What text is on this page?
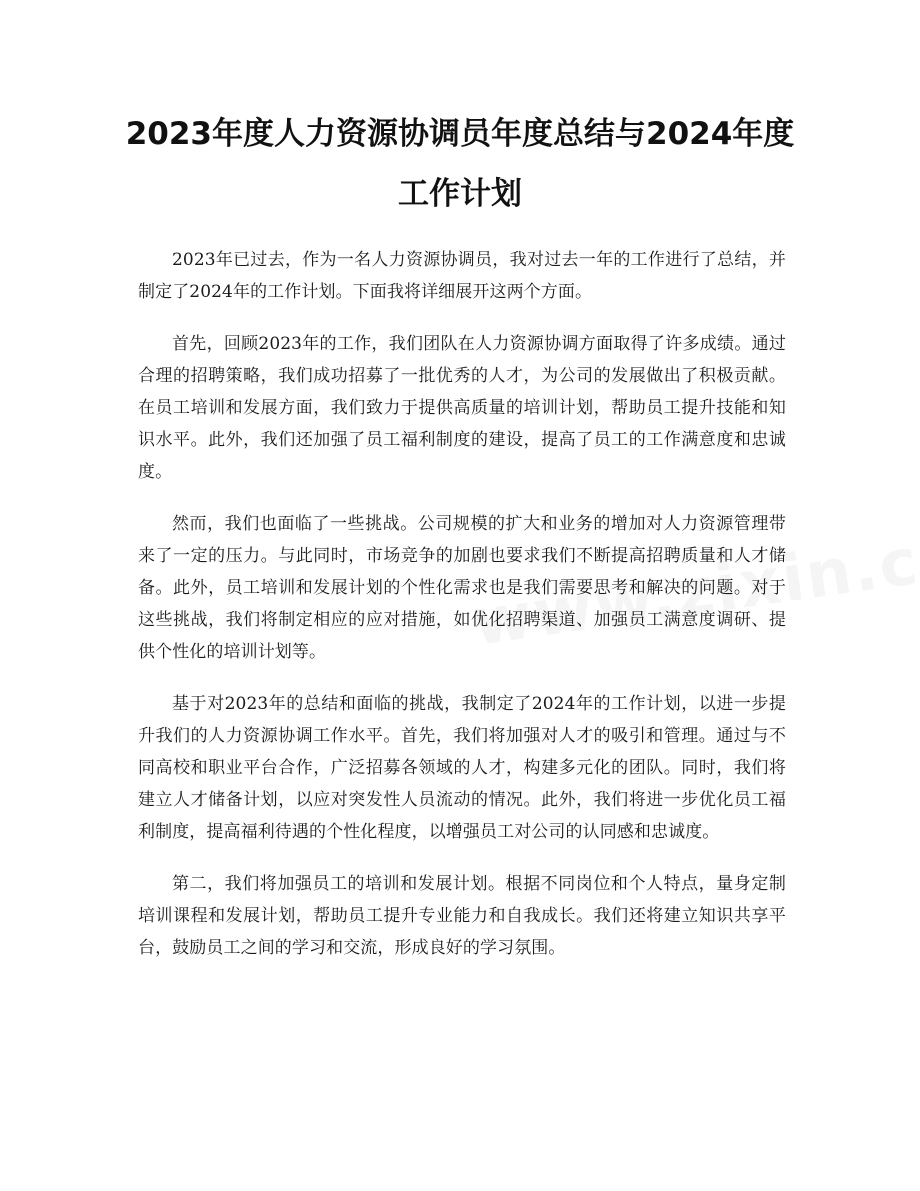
2023年度人力资源协调员年度总结与2024年度工作计划

2023年已过去，作为一名人力资源协调员，我对过去一年的工作进行了总结，并制定了2024年的工作计划。下面我将详细展开这两个方面。

首先，回顾2023年的工作，我们团队在人力资源协调方面取得了许多成绩。通过合理的招聘策略，我们成功招募了一批优秀的人才，为公司的发展做出了积极贡献。在员工培训和发展方面，我们致力于提供高质量的培训计划，帮助员工提升技能和知识水平。此外，我们还加强了员工福利制度的建设，提高了员工的工作满意度和忠诚度。

然而，我们也面临了一些挑战。公司规模的扩大和业务的增加对人力资源管理带来了一定的压力。与此同时，市场竞争的加剧也要求我们不断提高招聘质量和人才储备。此外，员工培训和发展计划的个性化需求也是我们需要思考和解决的问题。对于这些挑战，我们将制定相应的应对措施，如优化招聘渠道、加强员工满意度调研、提供个性化的培训计划等。

基于对2023年的总结和面临的挑战，我制定了2024年的工作计划，以进一步提升我们的人力资源协调工作水平。首先，我们将加强对人才的吸引和管理。通过与不同高校和职业平台合作，广泛招募各领域的人才，构建多元化的团队。同时，我们将建立人才储备计划，以应对突发性人员流动的情况。此外，我们将进一步优化员工福利制度，提高福利待遇的个性化程度，以增强员工对公司的认同感和忠诚度。

第二，我们将加强员工的培训和发展计划。根据不同岗位和个人特点，量身定制培训课程和发展计划，帮助员工提升专业能力和自我成长。我们还将建立知识共享平台，鼓励员工之间的学习和交流，形成良好的学习氛围。
